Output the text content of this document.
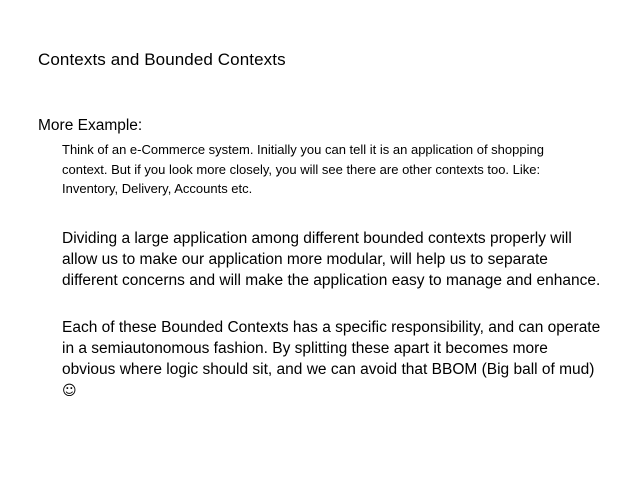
Contexts and Bounded Contexts
More Example:

Think of an e-Commerce system. Initially you can tell it is an application of shopping context. But if you look more closely, you will see there are other contexts too. Like: Inventory, Delivery, Accounts etc.

Dividing a large application among different bounded contexts properly will allow us to make our application more modular, will help us to separate different concerns and will make the application easy to manage and enhance.

Each of these Bounded Contexts has a specific responsibility, and can operate in a semiautonomous fashion. By splitting these apart it becomes more obvious where logic should sit, and we can avoid that BBOM (Big ball of mud) ☺
